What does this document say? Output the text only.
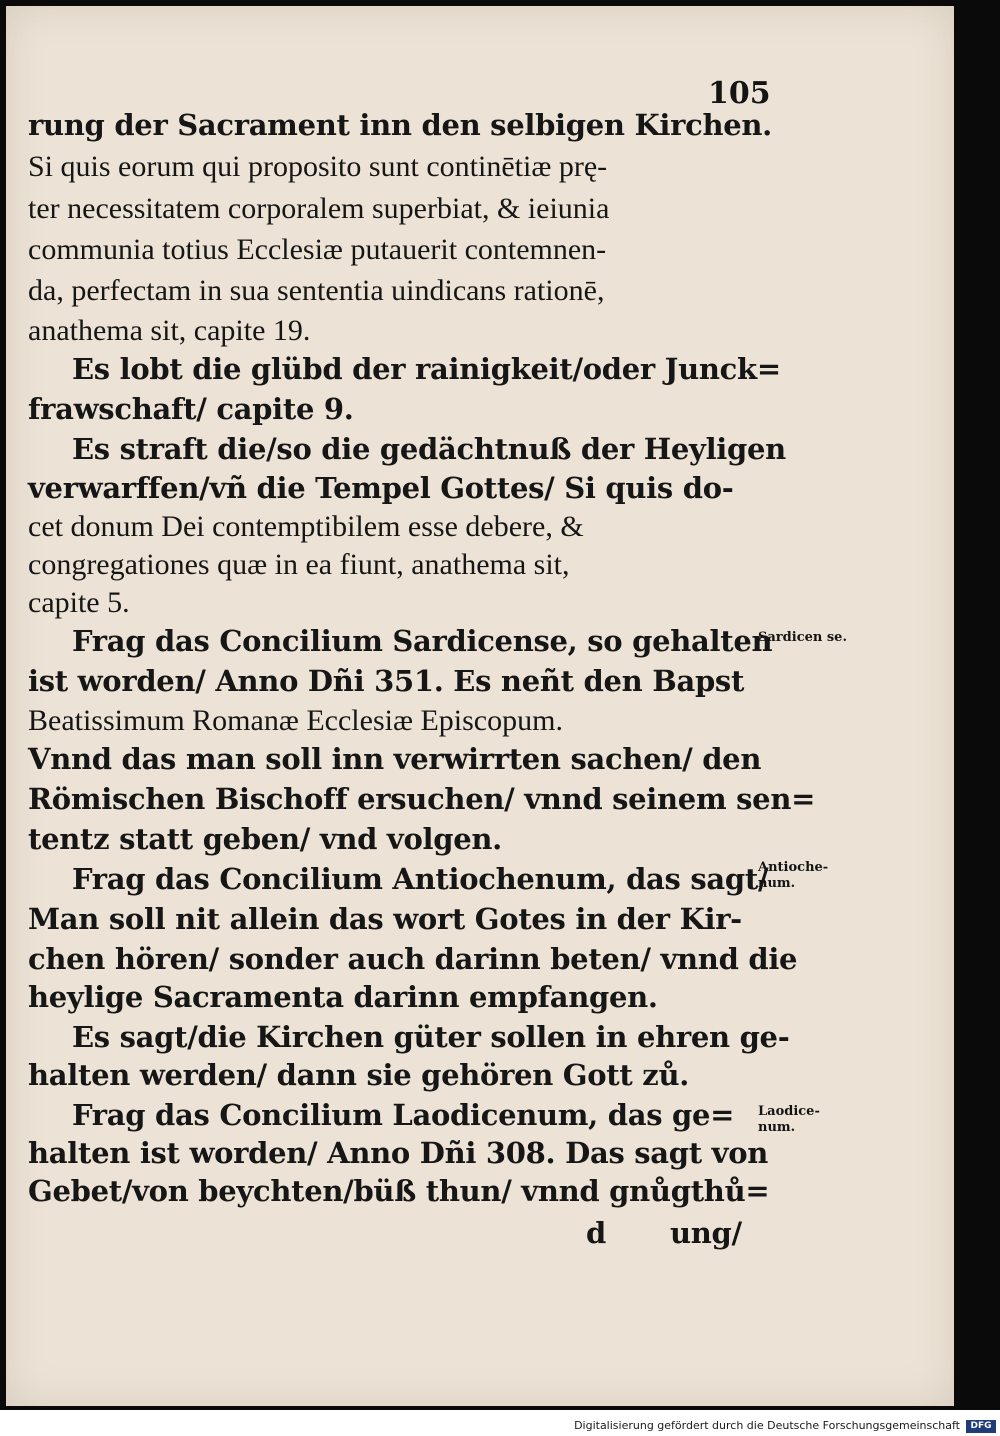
105
rung der Sacrament inn den selbigen Kirchen.
Si quis eorum qui proposito sunt continētiæ prę-
ter necessitatem corporalem superbiat, & ieiunia
communia totius Ecclesiæ putauerit contemnen-
da, perfectam in sua sententia uindicans rationē,
anathema sit, capite 19.
Es lobt die glübd der rainigkeit/oder Junck=
frawschaft/ capite 9.
Es straft die/so die gedächtnuß der Heyligen
verwarffen/vñ die Tempel Gottes/ Si quis do-
cet donum Dei contemptibilem esse debere, &
congregationes quæ in ea fiunt, anathema sit,
capite 5.
Frag das Concilium Sardicense, so gehalten
ist worden/ Anno Dñi 351. Es neñt den Bapst
Beatissimum Romanæ Ecclesiæ Episcopum.
Vnnd das man soll inn verwirrten sachen/ den
Römischen Bischoff ersuchen/ vnnd seinem sen=
tentz statt geben/ vnd volgen.
Frag das Concilium Antiochenum, das sagt/
Man soll nit allein das wort Gotes in der Kir-
chen hören/ sonder auch darinn beten/ vnnd die
heylige Sacramenta darinn empfangen.
Es sagt/die Kirchen güter sollen in ehren ge-
halten werden/ dann sie gehören Gott zů.
Frag das Concilium Laodicenum, das ge=
halten ist worden/ Anno Dñi 308. Das sagt von
Gebet/von beychten/büß thun/ vnnd gnůgthů=
d ung/
Sardicen se.
Antioche- num.
Laodice- num.
Digitalisierung gefördert durch die Deutsche Forschungsgemeinschaft	DFG
